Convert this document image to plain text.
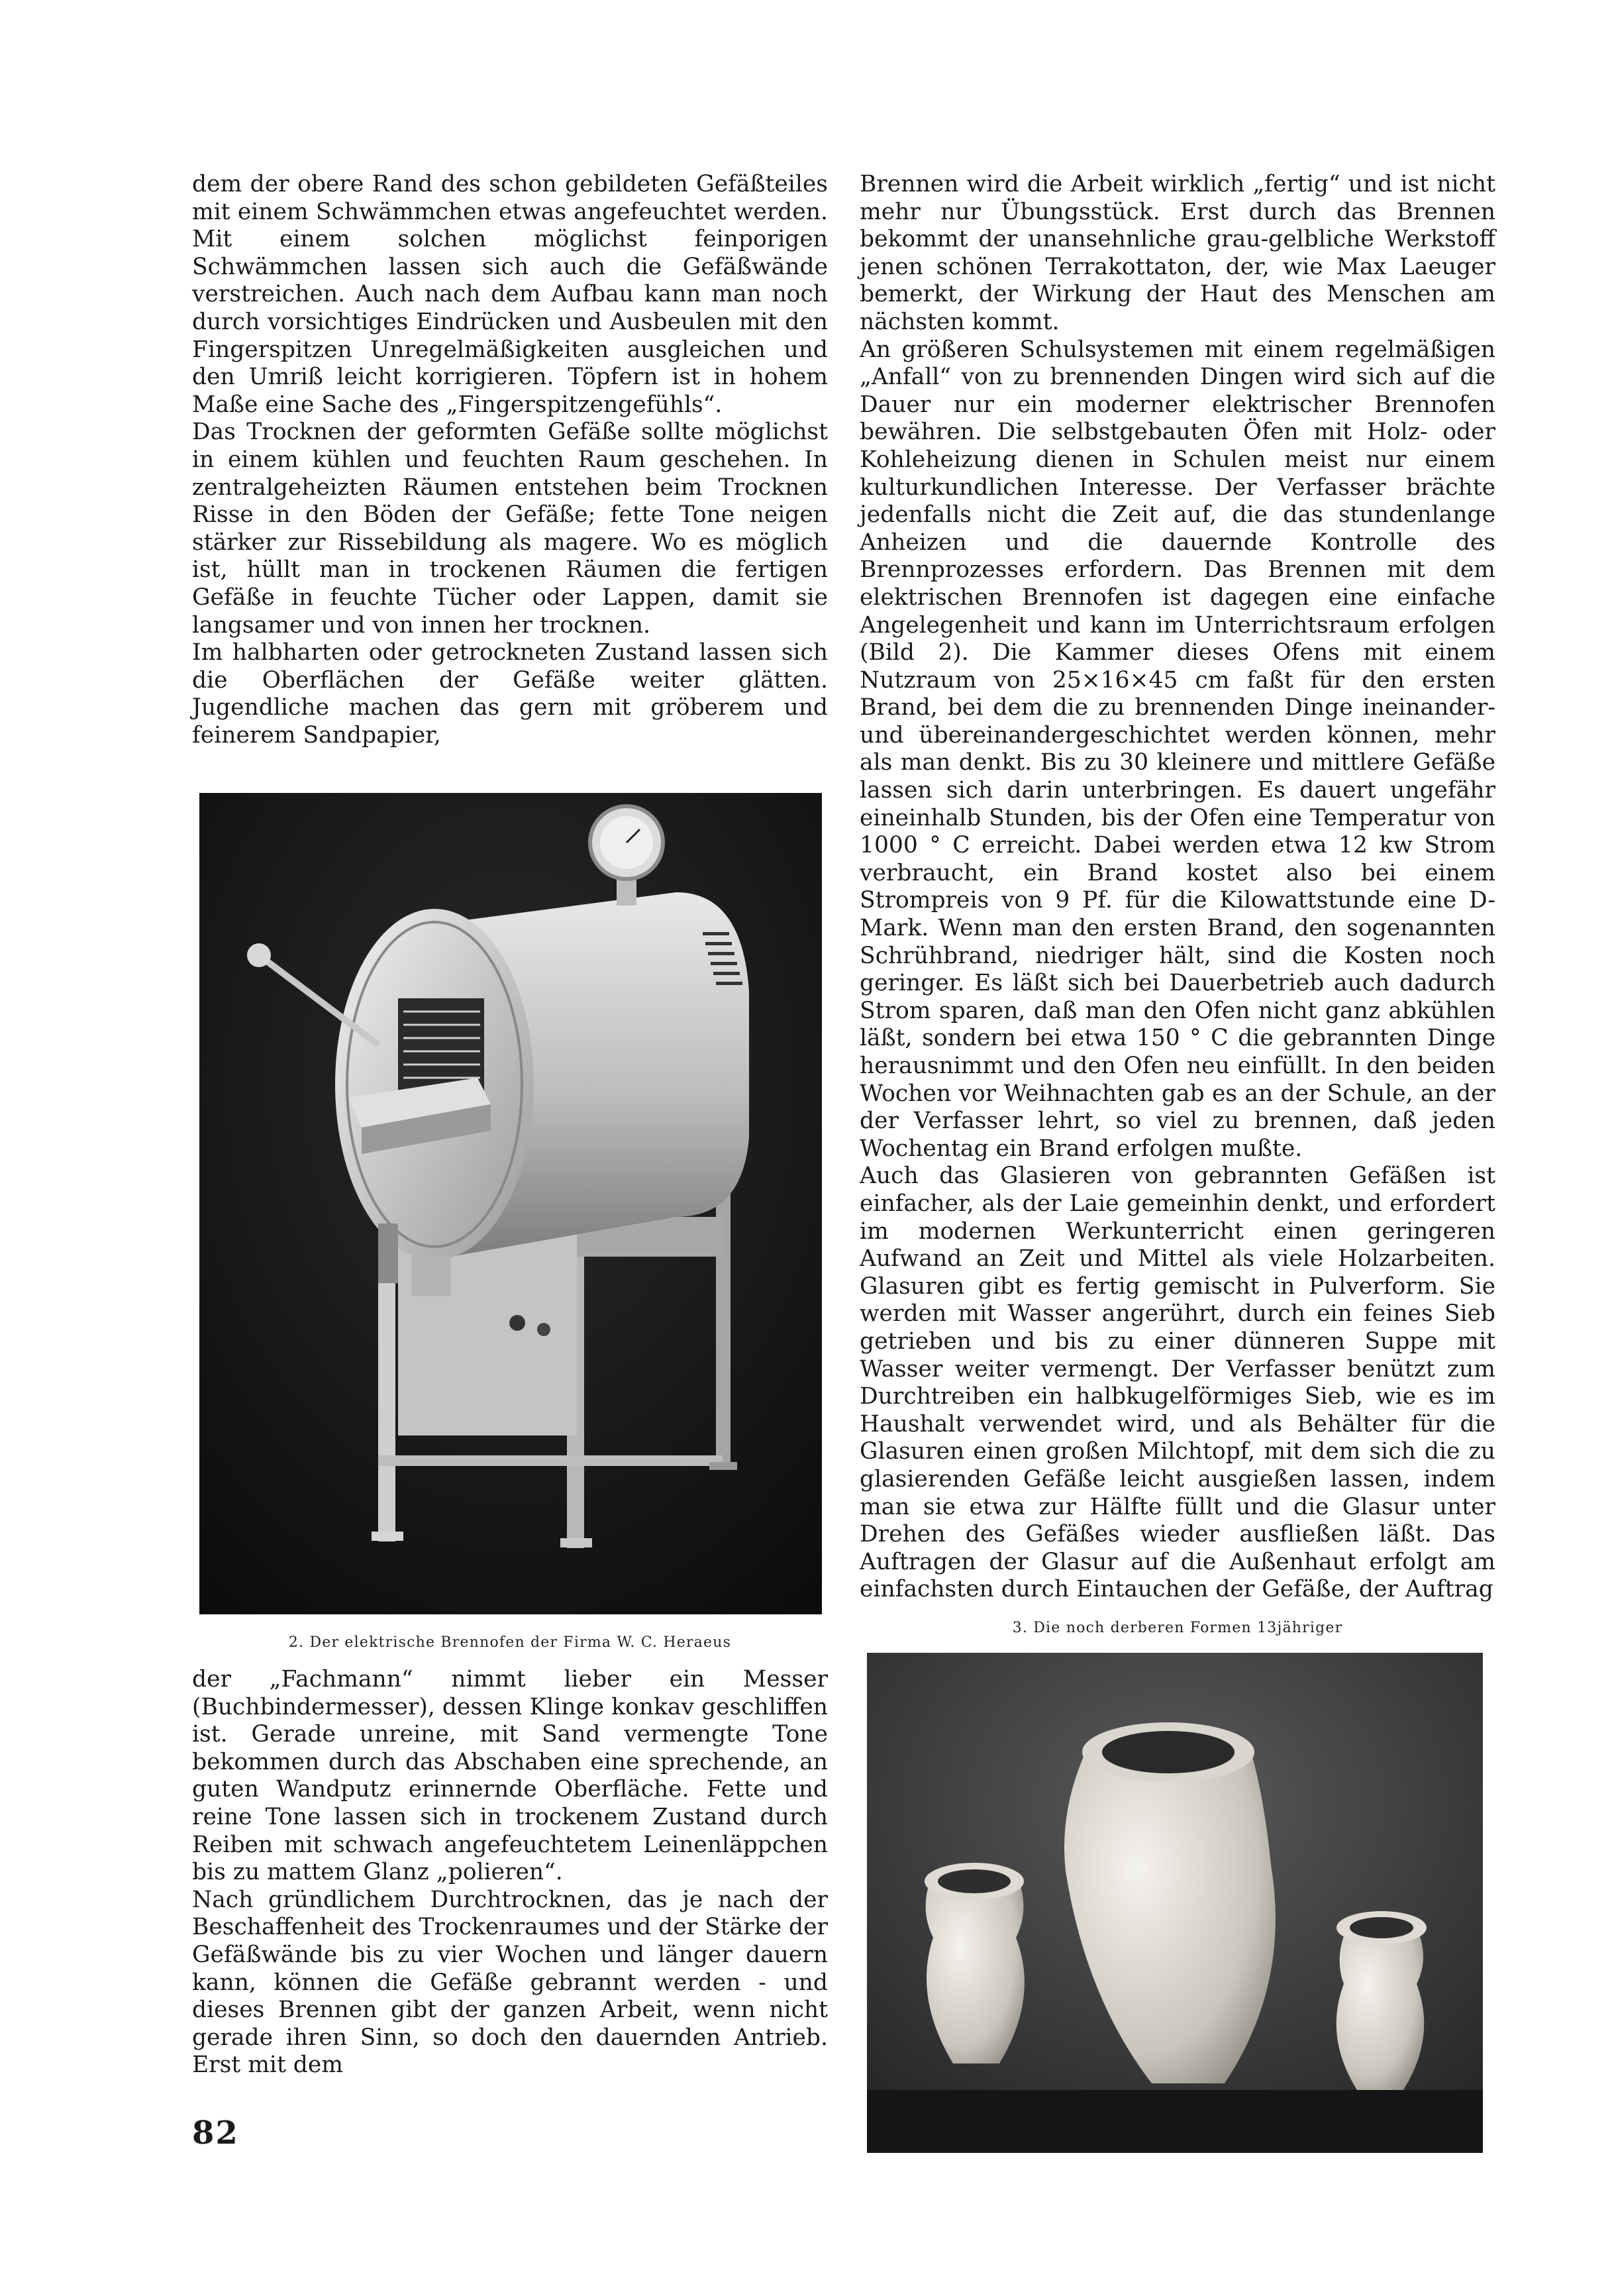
dem der obere Rand des schon gebildeten Gefäßteiles mit einem Schwämmchen etwas angefeuchtet werden. Mit einem solchen möglichst feinporigen Schwämmchen lassen sich auch die Gefäßwände verstreichen. Auch nach dem Aufbau kann man noch durch vorsichtiges Eindrücken und Ausbeulen mit den Fingerspitzen Unregelmäßigkeiten ausgleichen und den Umriß leicht korrigieren. Töpfern ist in hohem Maße eine Sache des „Fingerspitzengefühls“.

Das Trocknen der geformten Gefäße sollte möglichst in einem kühlen und feuchten Raum geschehen. In zentralgeheizten Räumen entstehen beim Trocknen Risse in den Böden der Gefäße; fette Tone neigen stärker zur Rissebildung als magere. Wo es möglich ist, hüllt man in trockenen Räumen die fertigen Gefäße in feuchte Tücher oder Lappen, damit sie langsamer und von innen her trocknen.

Im halbharten oder getrockneten Zustand lassen sich die Oberflächen der Gefäße weiter glätten. Jugendliche machen das gern mit gröberem und feinerem Sandpapier,

2. Der elektrische Brennofen der Firma W. C. Heraeus

der „Fachmann“ nimmt lieber ein Messer (Buchbindermesser), dessen Klinge konkav geschliffen ist. Gerade unreine, mit Sand vermengte Tone bekommen durch das Abschaben eine sprechende, an guten Wandputz erinnernde Oberfläche. Fette und reine Tone lassen sich in trockenem Zustand durch Reiben mit schwach angefeuchtetem Leinenläppchen bis zu mattem Glanz „polieren“.

Nach gründlichem Durchtrocknen, das je nach der Beschaffenheit des Trockenraumes und der Stärke der Gefäßwände bis zu vier Wochen und länger dauern kann, können die Gefäße gebrannt werden - und dieses Brennen gibt der ganzen Arbeit, wenn nicht gerade ihren Sinn, so doch den dauernden Antrieb. Erst mit dem

Brennen wird die Arbeit wirklich „fertig“ und ist nicht mehr nur Übungsstück. Erst durch das Brennen bekommt der unansehnliche grau-gelbliche Werkstoff jenen schönen Terrakottaton, der, wie Max Laeuger bemerkt, der Wirkung der Haut des Menschen am nächsten kommt.

An größeren Schulsystemen mit einem regelmäßigen „Anfall“ von zu brennenden Dingen wird sich auf die Dauer nur ein moderner elektrischer Brennofen bewähren. Die selbstgebauten Öfen mit Holz- oder Kohleheizung dienen in Schulen meist nur einem kulturkundlichen Interesse. Der Verfasser brächte jedenfalls nicht die Zeit auf, die das stundenlange Anheizen und die dauernde Kontrolle des Brennprozesses erfordern. Das Brennen mit dem elektrischen Brennofen ist dagegen eine einfache Angelegenheit und kann im Unterrichtsraum erfolgen (Bild 2). Die Kammer dieses Ofens mit einem Nutzraum von 25×16×45 cm faßt für den ersten Brand, bei dem die zu brennenden Dinge ineinander- und übereinandergeschichtet werden können, mehr als man denkt. Bis zu 30 kleinere und mittlere Gefäße lassen sich darin unterbringen. Es dauert ungefähr eineinhalb Stunden, bis der Ofen eine Temperatur von 1000 ° C erreicht. Dabei werden etwa 12 kw Strom verbraucht, ein Brand kostet also bei einem Strompreis von 9 Pf. für die Kilowattstunde eine D-Mark. Wenn man den ersten Brand, den sogenannten Schrühbrand, niedriger hält, sind die Kosten noch geringer. Es läßt sich bei Dauerbetrieb auch dadurch Strom sparen, daß man den Ofen nicht ganz abkühlen läßt, sondern bei etwa 150 ° C die gebrannten Dinge herausnimmt und den Ofen neu einfüllt. In den beiden Wochen vor Weihnachten gab es an der Schule, an der der Verfasser lehrt, so viel zu brennen, daß jeden Wochentag ein Brand erfolgen mußte.

Auch das Glasieren von gebrannten Gefäßen ist einfacher, als der Laie gemeinhin denkt, und erfordert im modernen Werkunterricht einen geringeren Aufwand an Zeit und Mittel als viele Holzarbeiten. Glasuren gibt es fertig gemischt in Pulverform. Sie werden mit Wasser angerührt, durch ein feines Sieb getrieben und bis zu einer dünneren Suppe mit Wasser weiter vermengt. Der Verfasser benützt zum Durchtreiben ein halbkugelförmiges Sieb, wie es im Haushalt verwendet wird, und als Behälter für die Glasuren einen großen Milchtopf, mit dem sich die zu glasierenden Gefäße leicht ausgießen lassen, indem man sie etwa zur Hälfte füllt und die Glasur unter Drehen des Gefäßes wieder ausfließen läßt. Das Auftragen der Glasur auf die Außenhaut erfolgt am einfachsten durch Eintauchen der Gefäße, der Auftrag

3. Die noch derberen Formen 13jähriger
82
